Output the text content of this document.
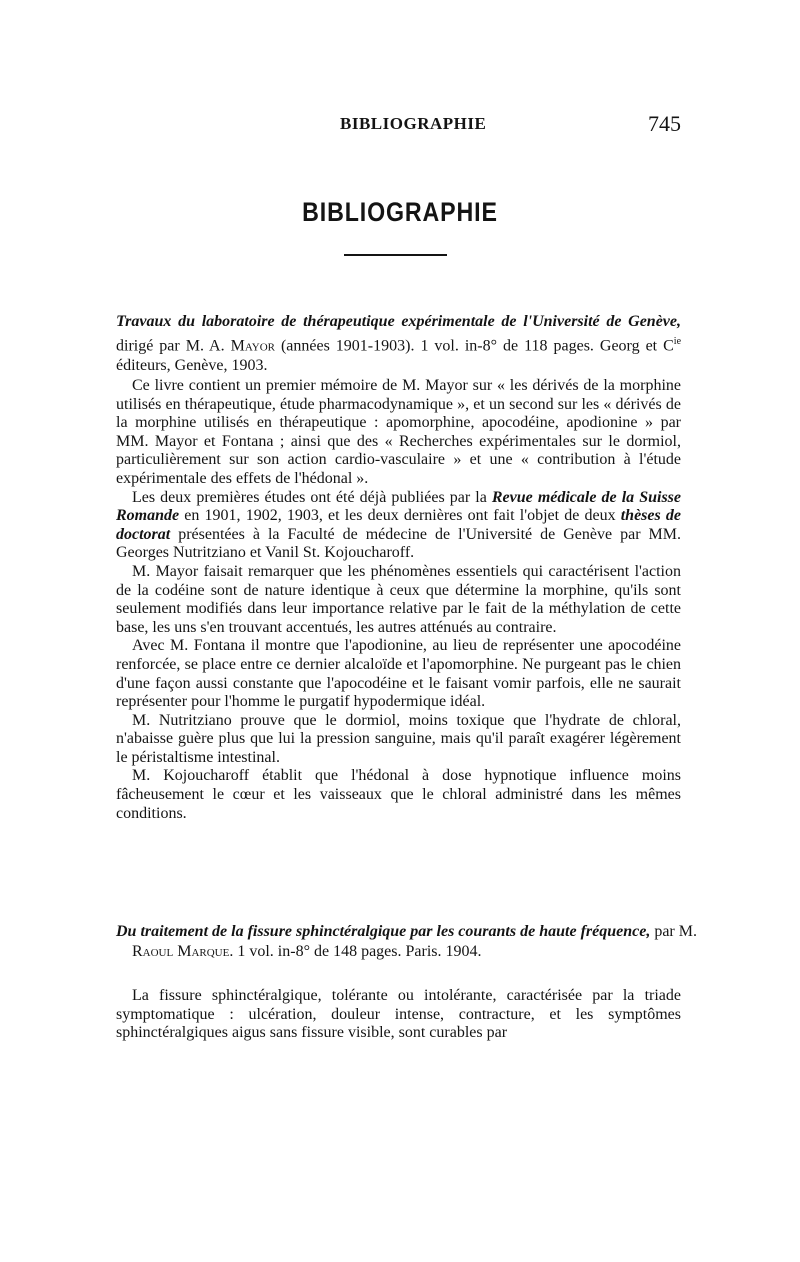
BIBLIOGRAPHIE	745
BIBLIOGRAPHIE
Travaux du laboratoire de thérapeutique expérimentale de l'Université de Genève, dirigé par M. A. Mayor (années 1901-1903). 1 vol. in-8° de 118 pages. Georg et $C^{ie}$ éditeurs, Genève, 1903.

Ce livre contient un premier mémoire de M. Mayor sur « les dérivés de la morphine utilisés en thérapeutique, étude pharmacodynamique », et un second sur les « dérivés de la morphine utilisés en thérapeutique : apomorphine, apocodéine, apodionine » par MM. Mayor et Fontana ; ainsi que des « Recherches expérimentales sur le dormiol, particulièrement sur son action cardio-vasculaire » et une « contribution à l'étude expérimentale des effets de l'hédonal ».

Les deux premières études ont été déjà publiées par la Revue médicale de la Suisse Romande en 1901, 1902, 1903, et les deux dernières ont fait l'objet de deux thèses de doctorat présentées à la Faculté de médecine de l'Université de Genève par MM. Georges Nutritziano et Vanil St. Kojoucharoff.

M. Mayor faisait remarquer que les phénomènes essentiels qui caractérisent l'action de la codéine sont de nature identique à ceux que détermine la morphine, qu'ils sont seulement modifiés dans leur importance relative par le fait de la méthylation de cette base, les uns s'en trouvant accentués, les autres atténués au contraire.

Avec M. Fontana il montre que l'apodionine, au lieu de représenter une apocodéine renforcée, se place entre ce dernier alcaloïde et l'apomorphine. Ne purgeant pas le chien d'une façon aussi constante que l'apocodéine et le faisant vomir parfois, elle ne saurait représenter pour l'homme le purgatif hypodermique idéal.

M. Nutritziano prouve que le dormiol, moins toxique que l'hydrate de chloral, n'abaisse guère plus que lui la pression sanguine, mais qu'il paraît exagérer légèrement le péristaltisme intestinal.

M. Kojoucharoff établit que l'hédonal à dose hypnotique influence moins fâcheusement le cœur et les vaisseaux que le chloral administré dans les mêmes conditions.

Du traitement de la fissure sphinctéralgique par les courants de haute fréquence, par M. Raoul Marque. 1 vol. in-8° de 148 pages. Paris. 1904.

La fissure sphinctéralgique, tolérante ou intolérante, caractérisée par la triade symptomatique : ulcération, douleur intense, contracture, et les symptômes sphinctéralgiques aigus sans fissure visible, sont curables par
